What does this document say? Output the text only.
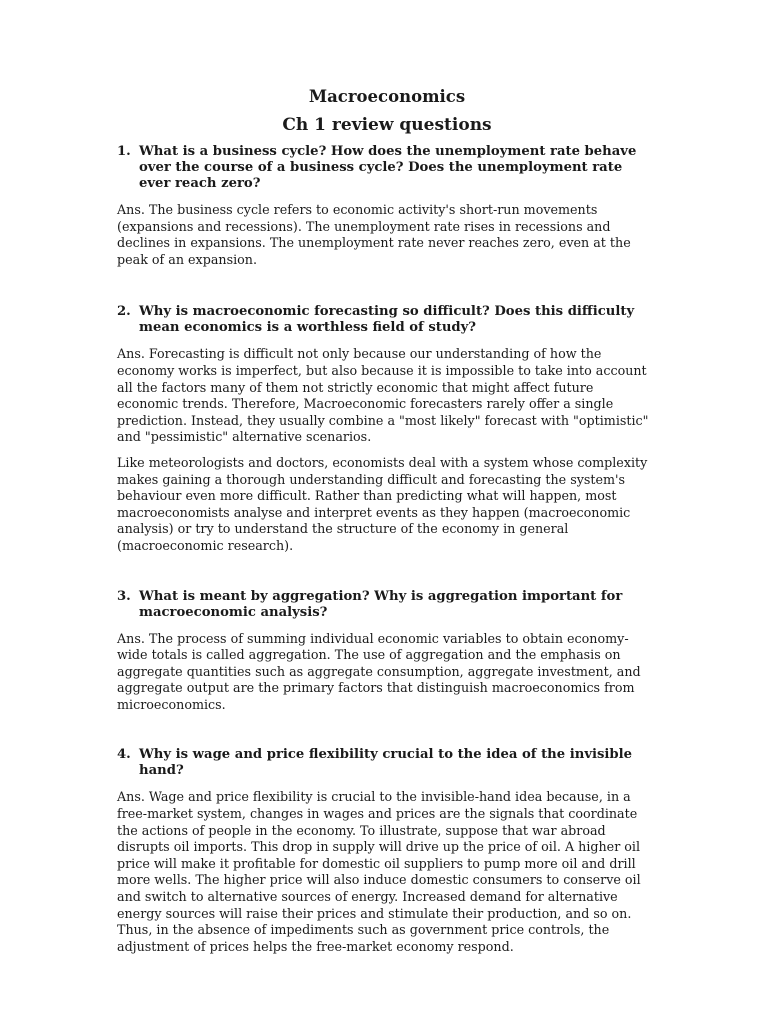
Macroeconomics
Ch 1 review questions
1. What is a business cycle? How does the unemployment rate behave over the course of a business cycle? Does the unemployment rate ever reach zero?

Ans. The business cycle refers to economic activity's short-run movements (expansions and recessions). The unemployment rate rises in recessions and declines in expansions. The unemployment rate never reaches zero, even at the peak of an expansion.

2. Why is macroeconomic forecasting so difficult? Does this difficulty mean economics is a worthless field of study?

Ans. Forecasting is difficult not only because our understanding of how the economy works is imperfect, but also because it is impossible to take into account all the factors many of them not strictly economic that might affect future economic trends. Therefore, Macroeconomic forecasters rarely offer a single prediction. Instead, they usually combine a "most likely" forecast with "optimistic" and "pessimistic" alternative scenarios.

Like meteorologists and doctors, economists deal with a system whose complexity makes gaining a thorough understanding difficult and forecasting the system's behaviour even more difficult. Rather than predicting what will happen, most macroeconomists analyse and interpret events as they happen (macroeconomic analysis) or try to understand the structure of the economy in general (macroeconomic research).

3. What is meant by aggregation? Why is aggregation important for macroeconomic analysis?

Ans. The process of summing individual economic variables to obtain economy-wide totals is called aggregation. The use of aggregation and the emphasis on aggregate quantities such as aggregate consumption, aggregate investment, and aggregate output are the primary factors that distinguish macroeconomics from microeconomics.

4. Why is wage and price flexibility crucial to the idea of the invisible hand?

Ans. Wage and price flexibility is crucial to the invisible-hand idea because, in a free-market system, changes in wages and prices are the signals that coordinate the actions of people in the economy. To illustrate, suppose that war abroad disrupts oil imports. This drop in supply will drive up the price of oil. A higher oil price will make it profitable for domestic oil suppliers to pump more oil and drill more wells. The higher price will also induce domestic consumers to conserve oil and switch to alternative sources of energy. Increased demand for alternative energy sources will raise their prices and stimulate their production, and so on. Thus, in the absence of impediments such as government price controls, the adjustment of prices helps the free-market economy respond.
